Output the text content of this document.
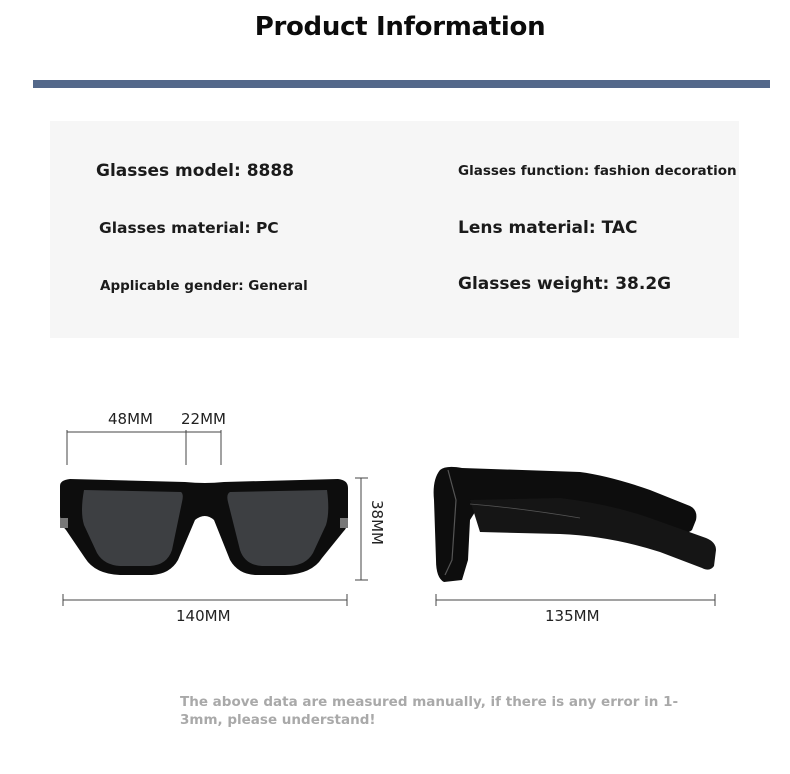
Product Information
Glasses model: 8888	Glasses function: fashion decoration
Glasses material: PC	Lens material: TAC
Applicable gender: General	Glasses weight: 38.2G
48MM 22MM
38MM
140MM	135MM
The above data are measured manually, if there is any error in 1-3mm, please understand!
